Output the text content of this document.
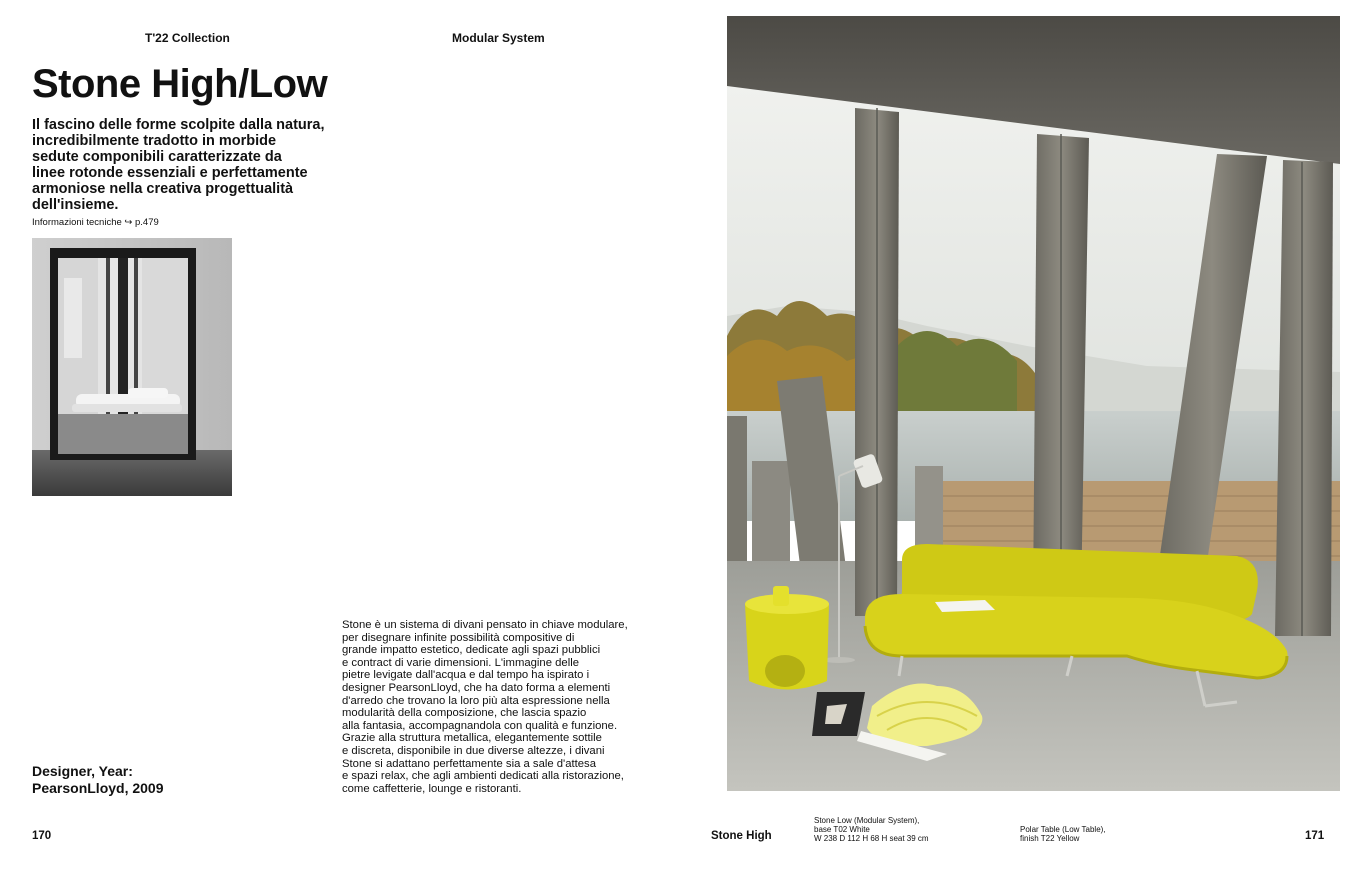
T'22 Collection	Modular System
Stone High/Low
Il fascino delle forme scolpite dalla natura,
incredibilmente tradotto in morbide
sedute componibili caratterizzate da
linee rotonde essenziali e perfettamente
armoniose nella creativa progettualità
dell'insieme.
Informazioni tecniche ↪ p.479
Stone è un sistema di divani pensato in chiave modulare,
per disegnare infinite possibilità compositive di
grande impatto estetico, dedicate agli spazi pubblici
e contract di varie dimensioni. L'immagine delle
pietre levigate dall'acqua e dal tempo ha ispirato i
designer PearsonLloyd, che ha dato forma a elementi
d'arredo che trovano la loro più alta espressione nella
modularità della composizione, che lascia spazio
alla fantasia, accompagnandola con qualità e funzione.
Grazie alla struttura metallica, elegantemente sottile
e discreta, disponibile in due diverse altezze, i divani
Stone si adattano perfettamente sia a sale d'attesa
e spazi relax, che agli ambienti dedicati alla ristorazione,
come caffetterie, lounge e ristoranti.
Designer, Year:
PearsonLloyd, 2009
170	Stone High
Stone Low (Modular System),
base T02 White
W 238 D 112 H 68 H seat 39 cm
Polar Table (Low Table),
finish T22 Yellow	171
